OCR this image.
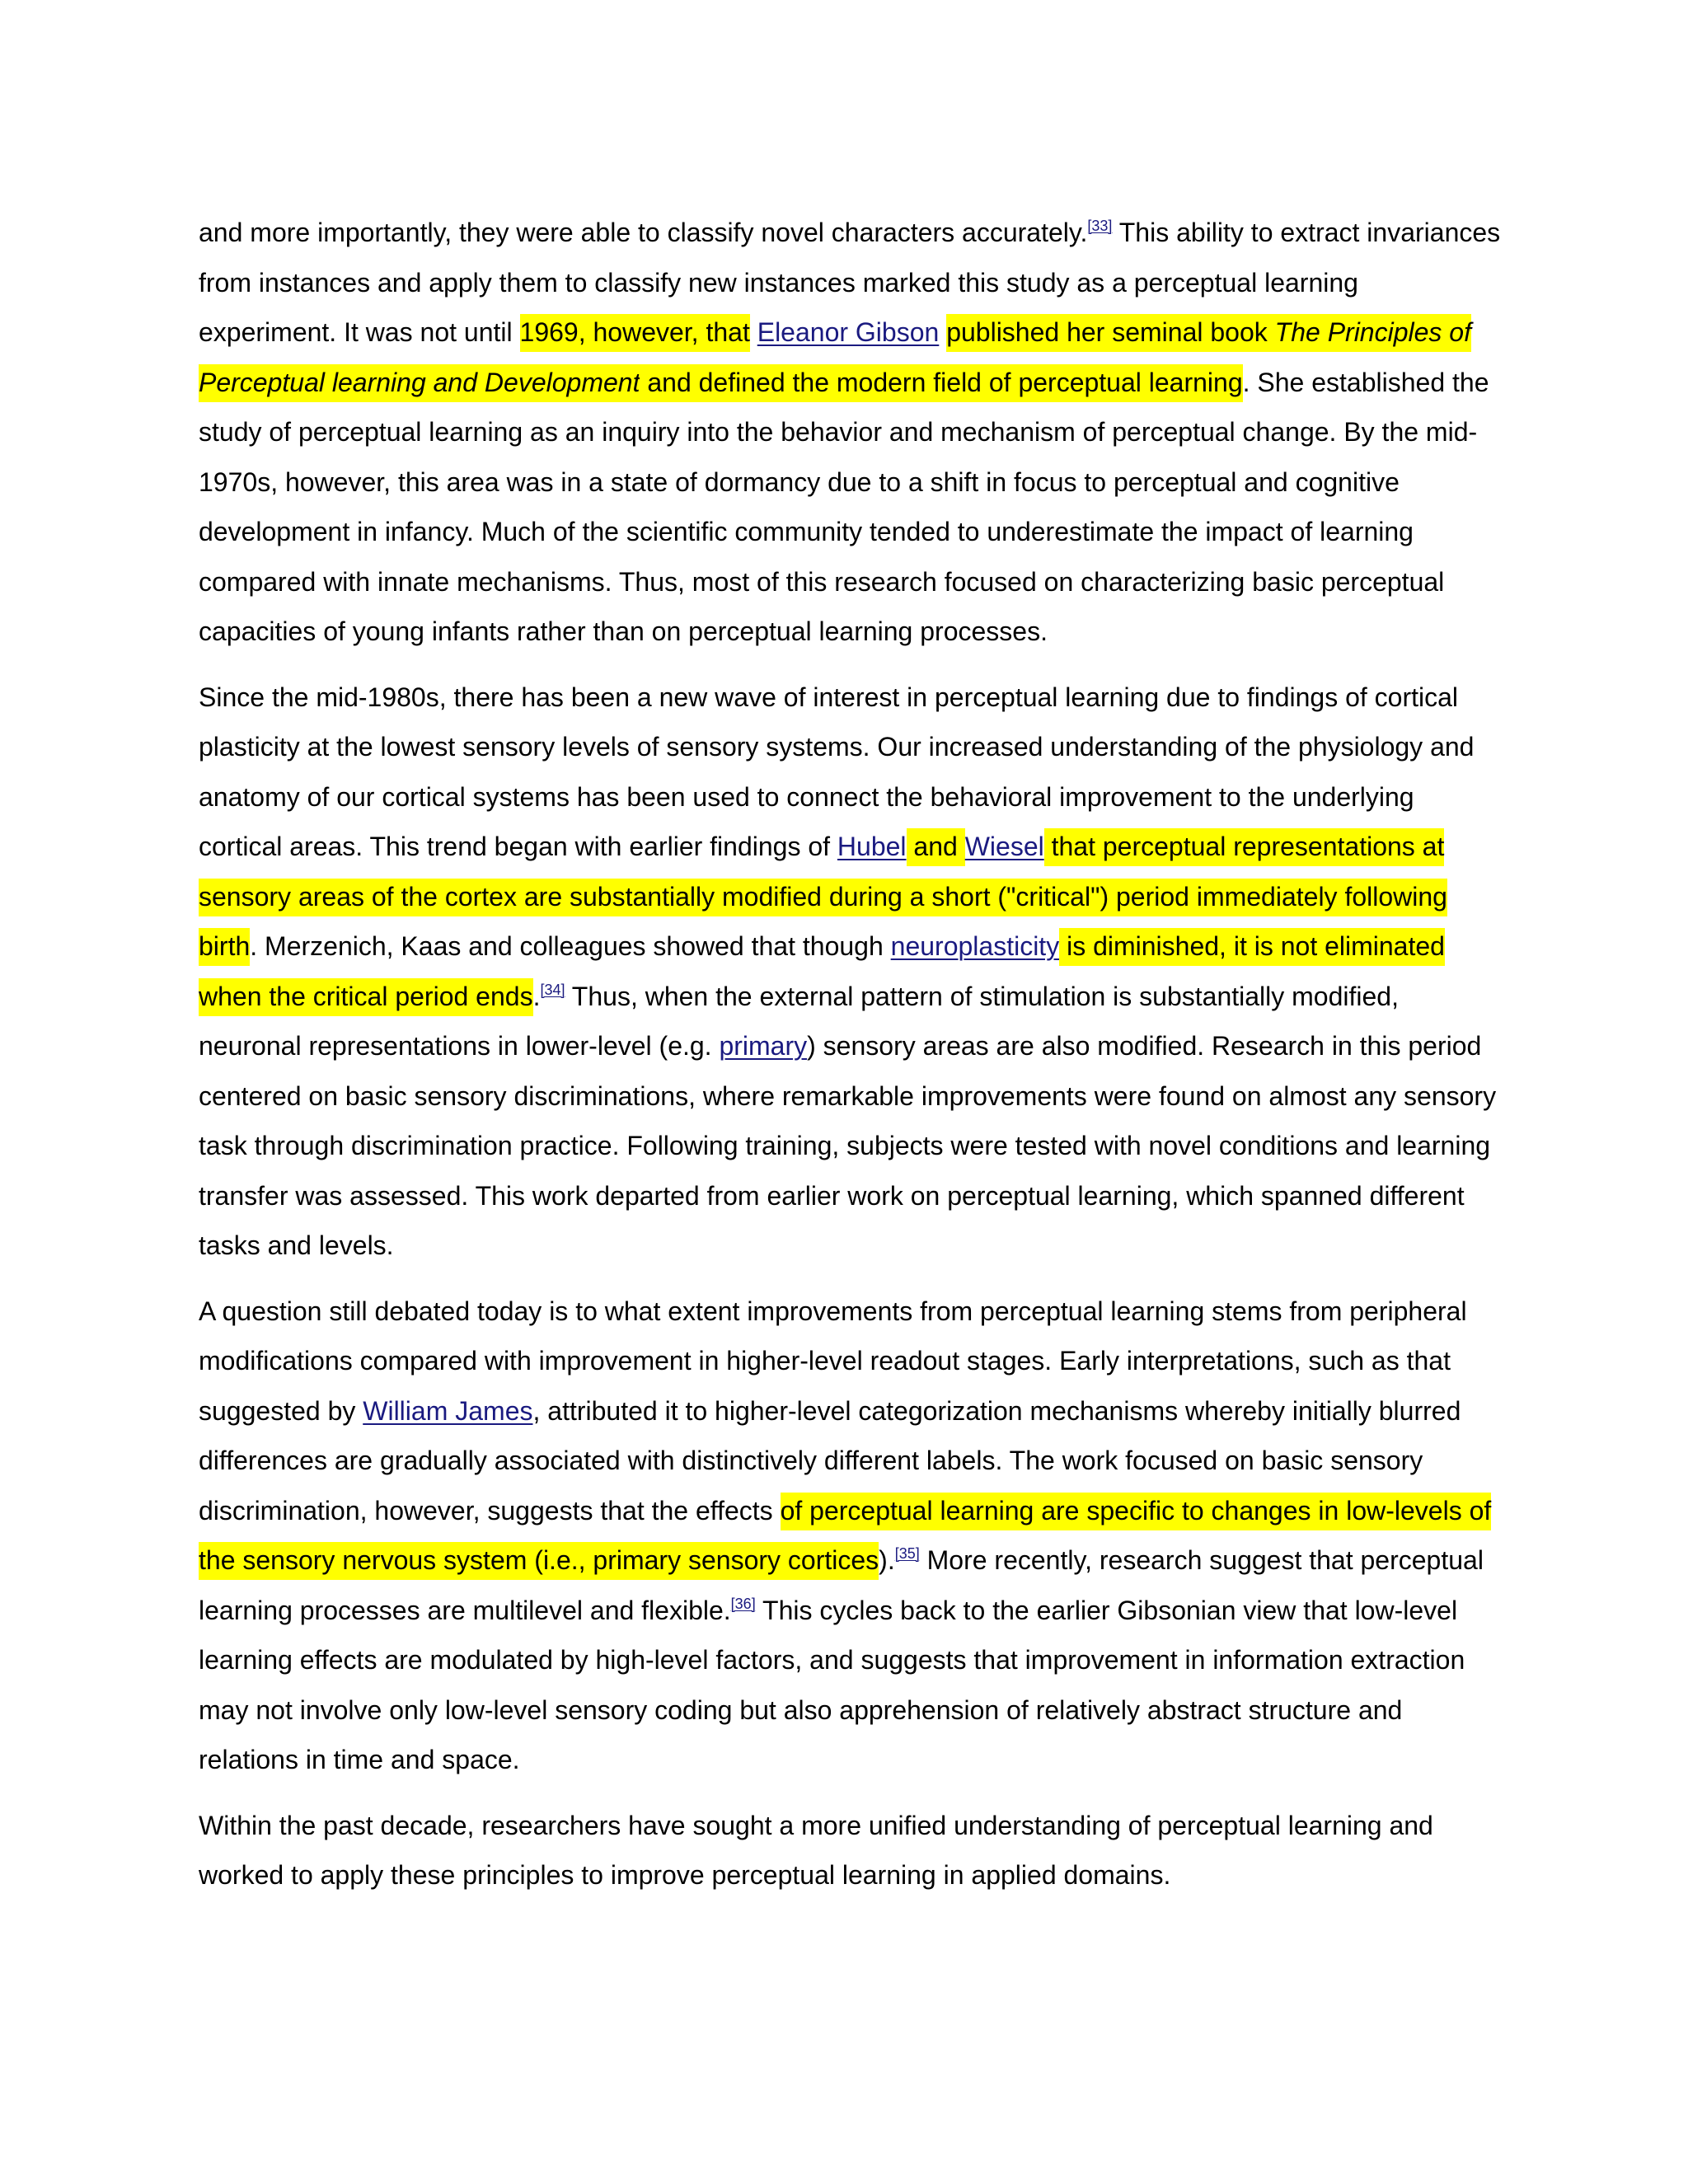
and more importantly, they were able to classify novel characters accurately.[33] This ability to extract invariances from instances and apply them to classify new instances marked this study as a perceptual learning experiment. It was not until 1969, however, that Eleanor Gibson published her seminal book The Principles of Perceptual learning and Development and defined the modern field of perceptual learning. She established the study of perceptual learning as an inquiry into the behavior and mechanism of perceptual change. By the mid-1970s, however, this area was in a state of dormancy due to a shift in focus to perceptual and cognitive development in infancy. Much of the scientific community tended to underestimate the impact of learning compared with innate mechanisms. Thus, most of this research focused on characterizing basic perceptual capacities of young infants rather than on perceptual learning processes.

Since the mid-1980s, there has been a new wave of interest in perceptual learning due to findings of cortical plasticity at the lowest sensory levels of sensory systems. Our increased understanding of the physiology and anatomy of our cortical systems has been used to connect the behavioral improvement to the underlying cortical areas. This trend began with earlier findings of Hubel and Wiesel that perceptual representations at sensory areas of the cortex are substantially modified during a short ("critical") period immediately following birth. Merzenich, Kaas and colleagues showed that though neuroplasticity is diminished, it is not eliminated when the critical period ends.[34] Thus, when the external pattern of stimulation is substantially modified, neuronal representations in lower-level (e.g. primary) sensory areas are also modified. Research in this period centered on basic sensory discriminations, where remarkable improvements were found on almost any sensory task through discrimination practice. Following training, subjects were tested with novel conditions and learning transfer was assessed. This work departed from earlier work on perceptual learning, which spanned different tasks and levels.

A question still debated today is to what extent improvements from perceptual learning stems from peripheral modifications compared with improvement in higher-level readout stages. Early interpretations, such as that suggested by William James, attributed it to higher-level categorization mechanisms whereby initially blurred differences are gradually associated with distinctively different labels. The work focused on basic sensory discrimination, however, suggests that the effects of perceptual learning are specific to changes in low-levels of the sensory nervous system (i.e., primary sensory cortices).[35] More recently, research suggest that perceptual learning processes are multilevel and flexible.[36] This cycles back to the earlier Gibsonian view that low-level learning effects are modulated by high-level factors, and suggests that improvement in information extraction may not involve only low-level sensory coding but also apprehension of relatively abstract structure and relations in time and space.

Within the past decade, researchers have sought a more unified understanding of perceptual learning and worked to apply these principles to improve perceptual learning in applied domains.
